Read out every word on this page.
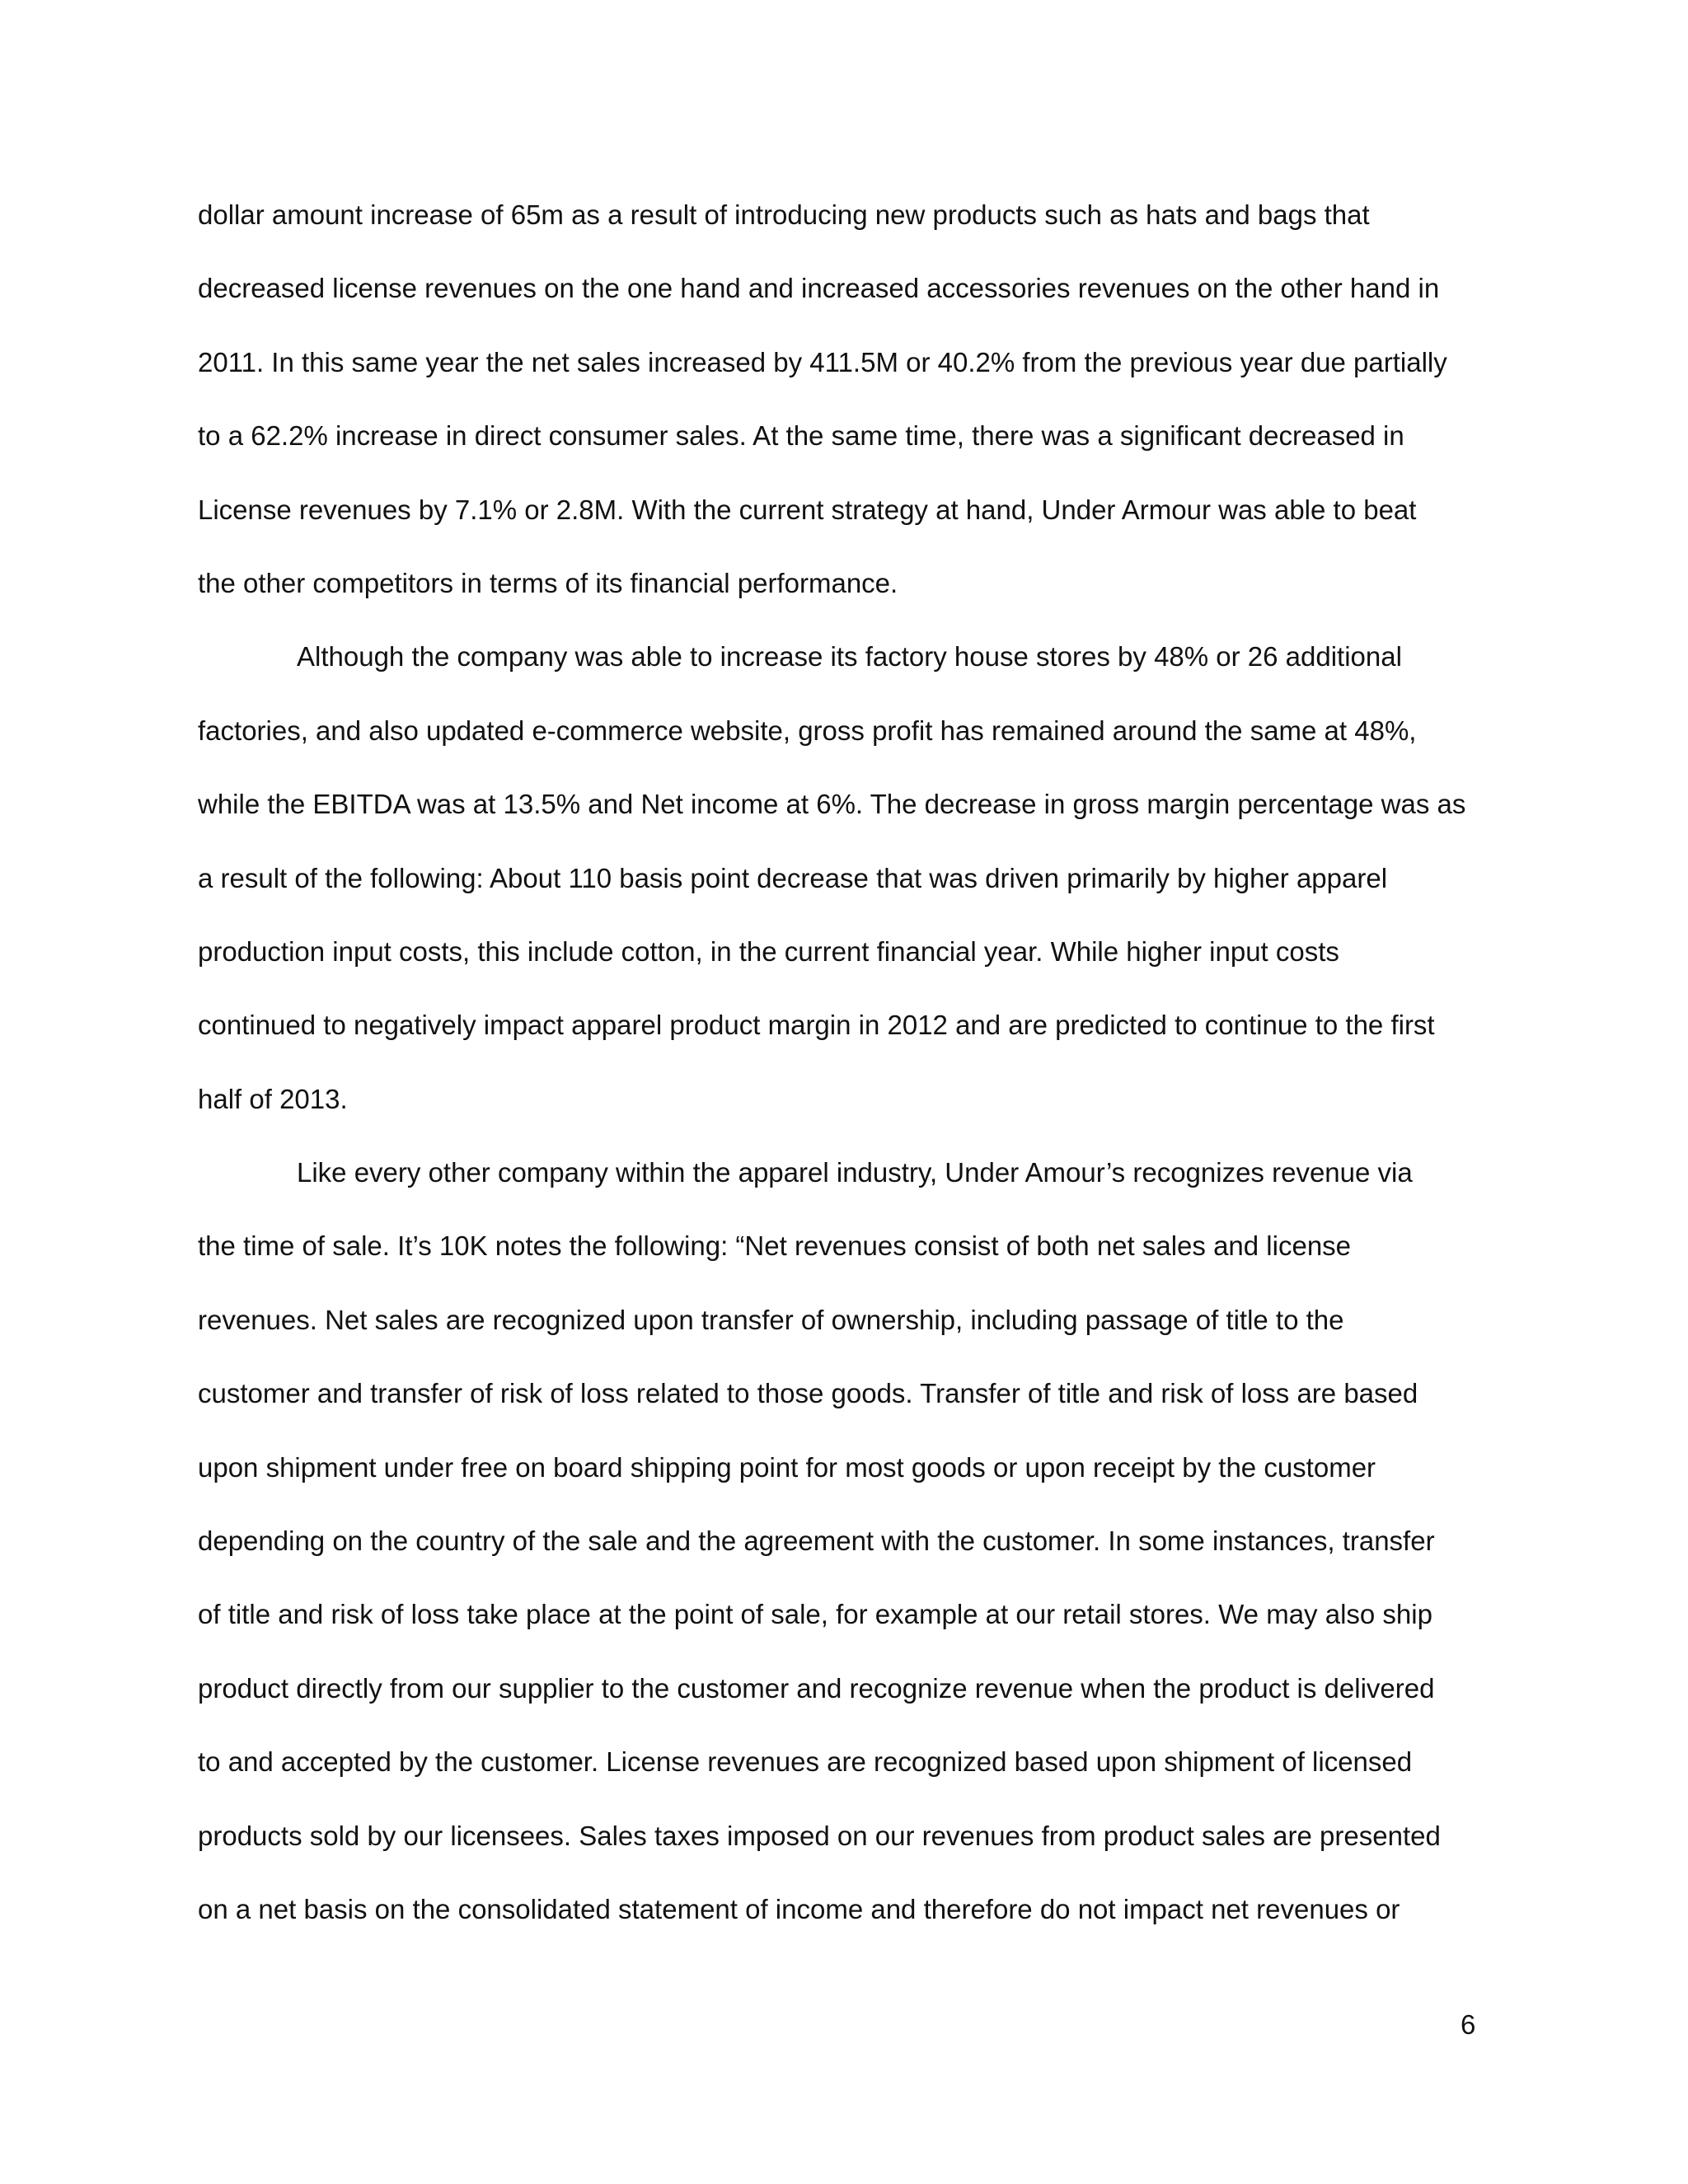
dollar amount increase of 65m as a result of introducing new products such as hats and bags that
decreased license revenues on the one hand and increased accessories revenues on the other hand in
2011. In this same year the net sales increased by 411.5M or 40.2% from the previous year due partially
to a 62.2% increase in direct consumer sales. At the same time, there was a significant decreased in
License revenues by 7.1% or 2.8M. With the current strategy at hand, Under Armour was able to beat
the other competitors in terms of its financial performance.
Although the company was able to increase its factory house stores by 48% or 26 additional
factories, and also updated e-commerce website, gross profit has remained around the same at 48%,
while the EBITDA was at 13.5% and Net income at 6%. The decrease in gross margin percentage was as
a result of the following: About 110 basis point decrease that was driven primarily by higher apparel
production input costs, this include cotton, in the current financial year. While higher input costs
continued to negatively impact apparel product margin in 2012 and are predicted to continue to the first
half of 2013.
Like every other company within the apparel industry, Under Amour’s recognizes revenue via
the time of sale. It’s 10K notes the following: “Net revenues consist of both net sales and license
revenues. Net sales are recognized upon transfer of ownership, including passage of title to the
customer and transfer of risk of loss related to those goods. Transfer of title and risk of loss are based
upon shipment under free on board shipping point for most goods or upon receipt by the customer
depending on the country of the sale and the agreement with the customer. In some instances, transfer
of title and risk of loss take place at the point of sale, for example at our retail stores. We may also ship
product directly from our supplier to the customer and recognize revenue when the product is delivered
to and accepted by the customer. License revenues are recognized based upon shipment of licensed
products sold by our licensees. Sales taxes imposed on our revenues from product sales are presented
on a net basis on the consolidated statement of income and therefore do not impact net revenues or
6
